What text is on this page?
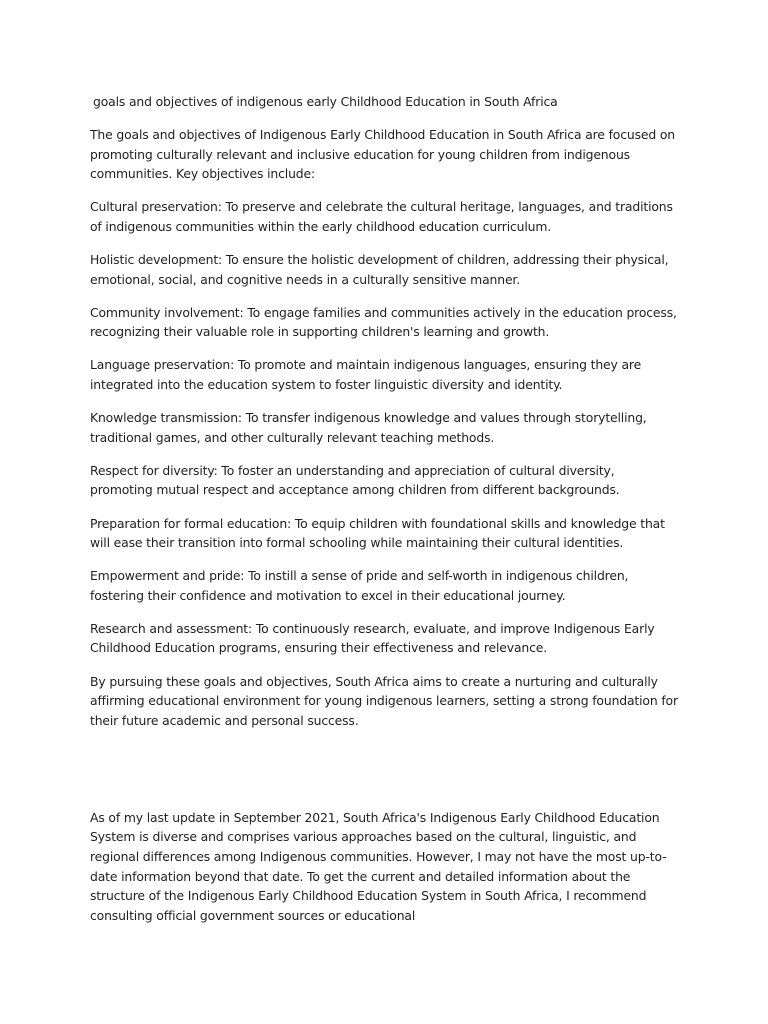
goals and objectives of indigenous early Childhood Education in South Africa

The goals and objectives of Indigenous Early Childhood Education in South Africa are focused on promoting culturally relevant and inclusive education for young children from indigenous communities. Key objectives include:

Cultural preservation: To preserve and celebrate the cultural heritage, languages, and traditions of indigenous communities within the early childhood education curriculum.

Holistic development: To ensure the holistic development of children, addressing their physical, emotional, social, and cognitive needs in a culturally sensitive manner.

Community involvement: To engage families and communities actively in the education process, recognizing their valuable role in supporting children's learning and growth.

Language preservation: To promote and maintain indigenous languages, ensuring they are integrated into the education system to foster linguistic diversity and identity.

Knowledge transmission: To transfer indigenous knowledge and values through storytelling, traditional games, and other culturally relevant teaching methods.

Respect for diversity: To foster an understanding and appreciation of cultural diversity, promoting mutual respect and acceptance among children from different backgrounds.

Preparation for formal education: To equip children with foundational skills and knowledge that will ease their transition into formal schooling while maintaining their cultural identities.

Empowerment and pride: To instill a sense of pride and self-worth in indigenous children, fostering their confidence and motivation to excel in their educational journey.

Research and assessment: To continuously research, evaluate, and improve Indigenous Early Childhood Education programs, ensuring their effectiveness and relevance.

By pursuing these goals and objectives, South Africa aims to create a nurturing and culturally affirming educational environment for young indigenous learners, setting a strong foundation for their future academic and personal success.

As of my last update in September 2021, South Africa's Indigenous Early Childhood Education System is diverse and comprises various approaches based on the cultural, linguistic, and regional differences among Indigenous communities. However, I may not have the most up-to-date information beyond that date. To get the current and detailed information about the structure of the Indigenous Early Childhood Education System in South Africa, I recommend consulting official government sources or educational
